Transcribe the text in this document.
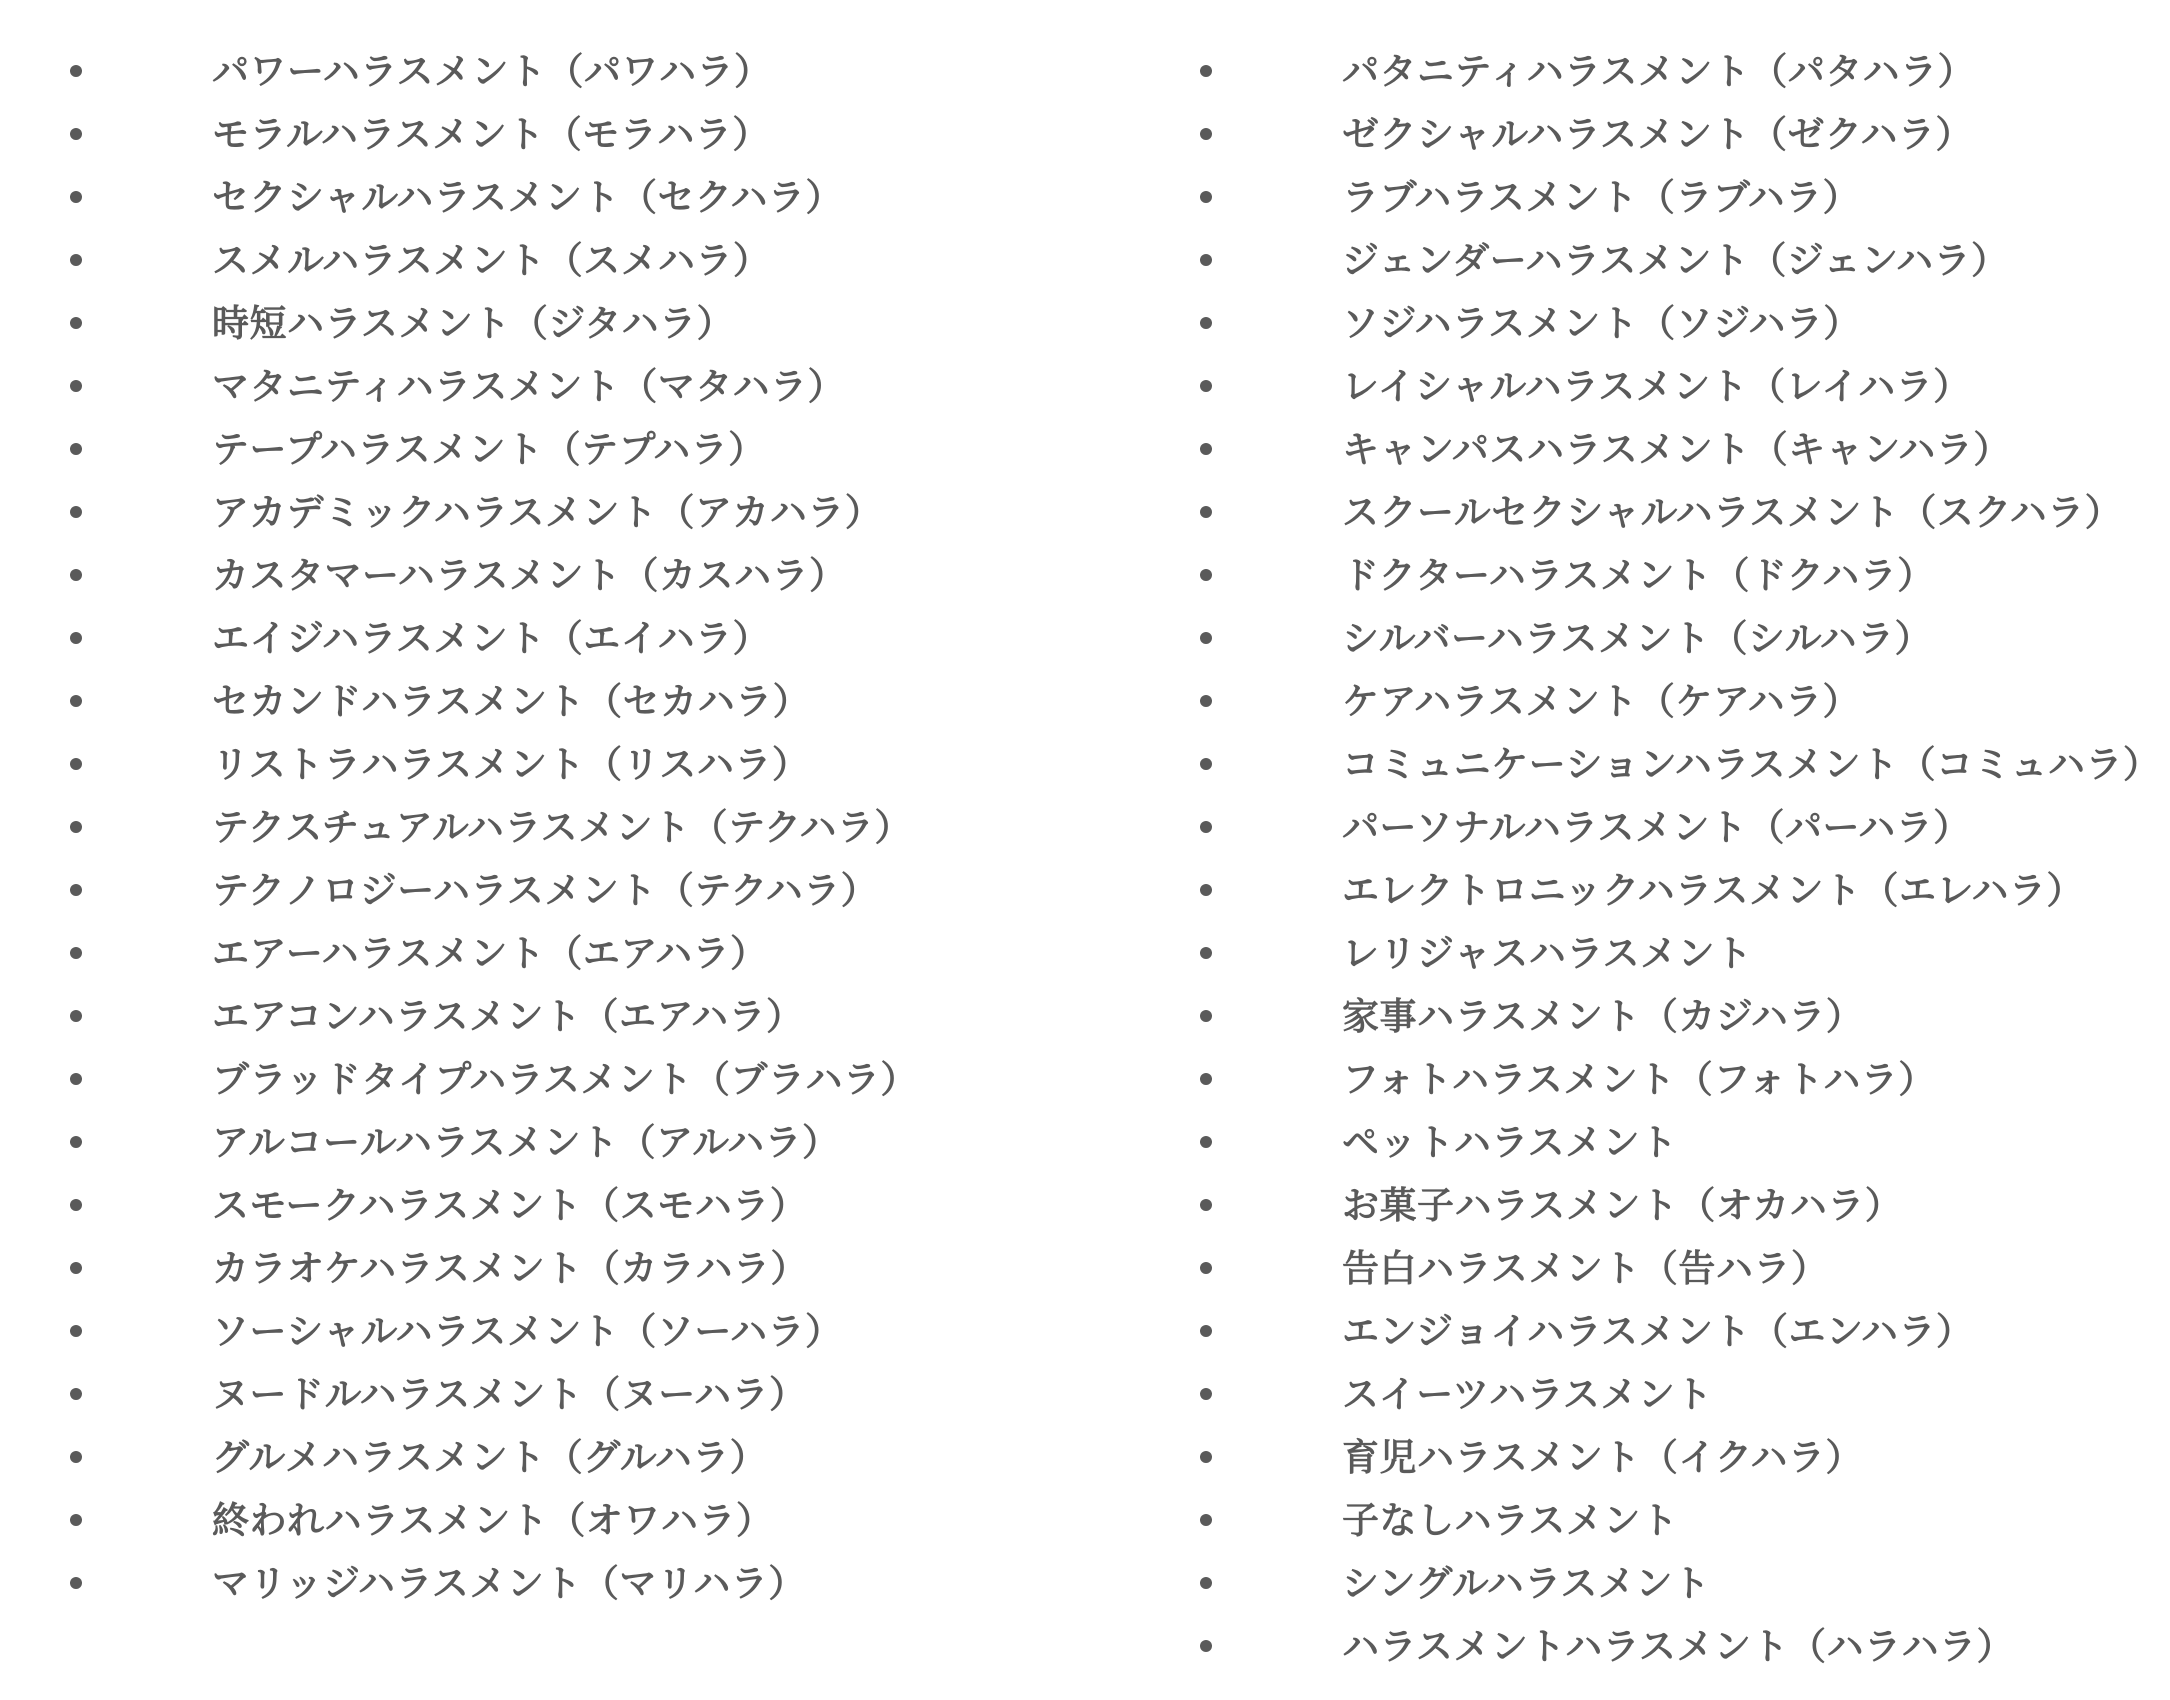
パワーハラスメント（パワハラ）
モラルハラスメント（モラハラ）
セクシャルハラスメント（セクハラ）
スメルハラスメント（スメハラ）
時短ハラスメント（ジタハラ）
マタニティハラスメント（マタハラ）
テープハラスメント（テプハラ）
アカデミックハラスメント（アカハラ）
カスタマーハラスメント（カスハラ）
エイジハラスメント（エイハラ）
セカンドハラスメント（セカハラ）
リストラハラスメント（リスハラ）
テクスチュアルハラスメント（テクハラ）
テクノロジーハラスメント（テクハラ）
エアーハラスメント（エアハラ）
エアコンハラスメント（エアハラ）
ブラッドタイプハラスメント（ブラハラ）
アルコールハラスメント（アルハラ）
スモークハラスメント（スモハラ）
カラオケハラスメント（カラハラ）
ソーシャルハラスメント（ソーハラ）
ヌードルハラスメント（ヌーハラ）
グルメハラスメント（グルハラ）
終われハラスメント（オワハラ）
マリッジハラスメント（マリハラ）
パタニティハラスメント（パタハラ）
ゼクシャルハラスメント（ゼクハラ）
ラブハラスメント（ラブハラ）
ジェンダーハラスメント（ジェンハラ）
ソジハラスメント（ソジハラ）
レイシャルハラスメント（レイハラ）
キャンパスハラスメント（キャンハラ）
スクールセクシャルハラスメント（スクハラ）
ドクターハラスメント（ドクハラ）
シルバーハラスメント（シルハラ）
ケアハラスメント（ケアハラ）
コミュニケーションハラスメント（コミュハラ）
パーソナルハラスメント（パーハラ）
エレクトロニックハラスメント（エレハラ）
レリジャスハラスメント
家事ハラスメント（カジハラ）
フォトハラスメント（フォトハラ）
ペットハラスメント
お菓子ハラスメント（オカハラ）
告白ハラスメント（告ハラ）
エンジョイハラスメント（エンハラ）
スイーツハラスメント
育児ハラスメント（イクハラ）
子なしハラスメント
シングルハラスメント
ハラスメントハラスメント（ハラハラ）
